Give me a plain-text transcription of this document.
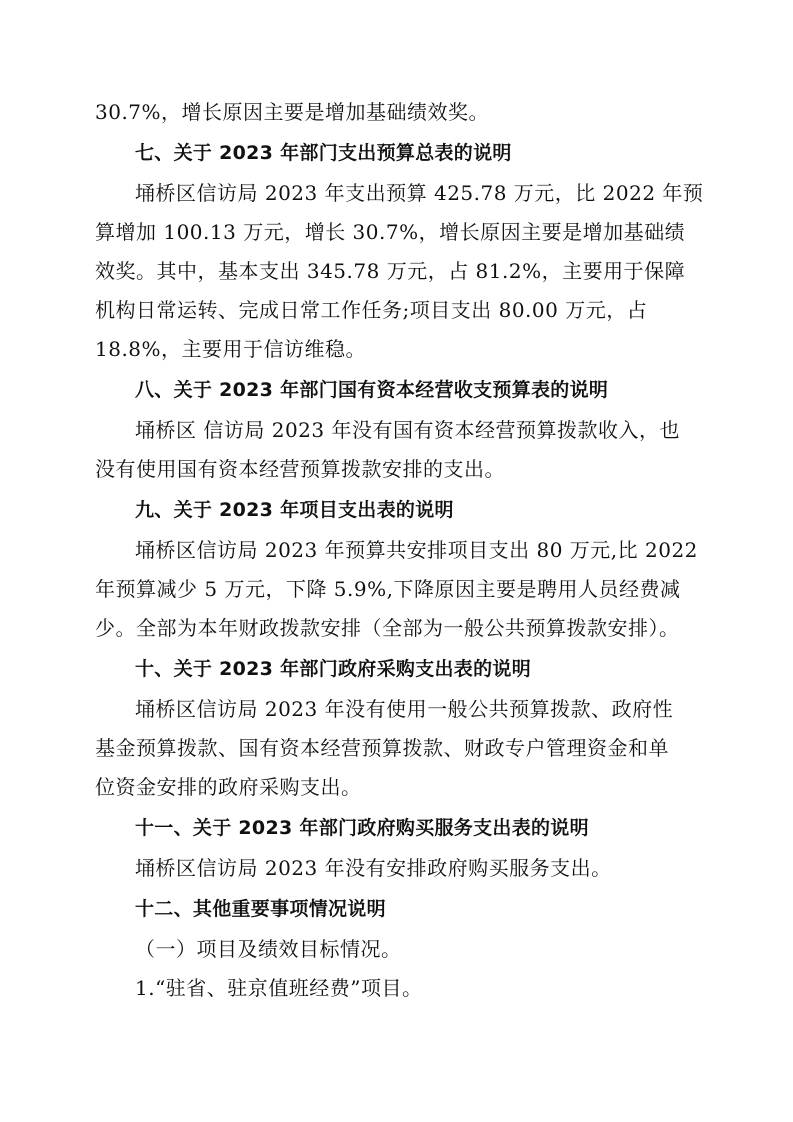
30.7%，增长原因主要是增加基础绩效奖。
七、关于 2023 年部门支出预算总表的说明
埇桥区信访局 2023 年支出预算 425.78 万元，比 2022 年预
算增加 100.13 万元，增长 30.7%，增长原因主要是增加基础绩
效奖。其中，基本支出 345.78 万元，占 81.2%，主要用于保障
机构日常运转、完成日常工作任务;项目支出 80.00 万元，占
18.8%，主要用于信访维稳。
八、关于 2023 年部门国有资本经营收支预算表的说明
埇桥区 信访局 2023 年没有国有资本经营预算拨款收入，也
没有使用国有资本经营预算拨款安排的支出。
九、关于 2023 年项目支出表的说明
埇桥区信访局 2023 年预算共安排项目支出 80 万元,比 2022
年预算减少 5 万元，下降 5.9%,下降原因主要是聘用人员经费减
少。全部为本年财政拨款安排（全部为一般公共预算拨款安排）。
十、关于 2023 年部门政府采购支出表的说明
埇桥区信访局 2023 年没有使用一般公共预算拨款、政府性
基金预算拨款、国有资本经营预算拨款、财政专户管理资金和单
位资金安排的政府采购支出。
十一、关于 2023 年部门政府购买服务支出表的说明
埇桥区信访局 2023 年没有安排政府购买服务支出。
十二、其他重要事项情况说明
（一）项目及绩效目标情况。
1.“驻省、驻京值班经费”项目。
